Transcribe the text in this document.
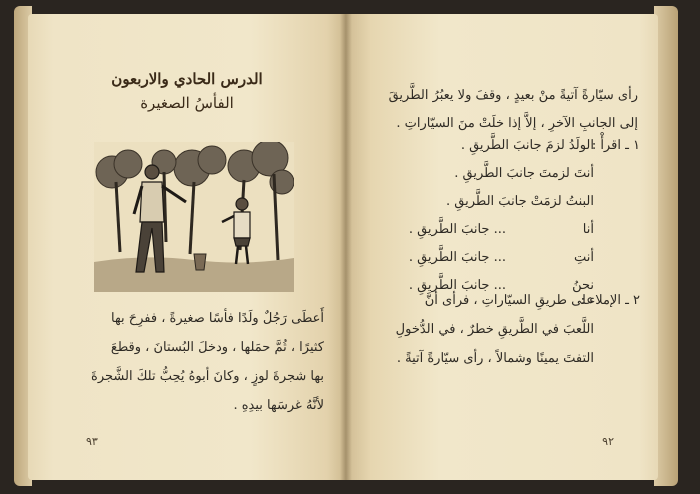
الدرس الحادي والاربعون
الفأسُ الصغيرة
أَعطَى رَجُلٌ ولَدًا فأسًا صغيرةً ، ففرِحَ بها
كثيرًا ، ثُمَّ حمَلها ، ودخلَ البُستانَ ، وقطعَ
بها شجرةَ لوزٍ ، وكانَ أبوهُ يُحِبُّ تلكَ الشَّجرةَ
لأنَّهُ غرسَها بيدِهِ .
٩٣
رأى سيّارةً آتيةً منْ بعيدٍ ، وقفَ ولا يعبُرُ الطَّريقَ
إلى الجانبِ الآخرِ ، إلاَّ إذا خلَتْ منَ السيّاراتِ .
١ ـ اقرأْ :
الولَدُ لزمَ جانبَ الطَّريقِ .
أنتَ لزمتَ جانبَ الطَّريقِ .
البنتُ لزمَتْ جانبَ الطَّريقِ .
أنا
... جانبَ الطَّريقِ .
أنتِ
... جانبَ الطَّريقِ .
نحنُ
... جانبَ الطَّريقِ .
٢ ـ الإملاء :
على طريقِ السيّاراتِ ، فرأى أنَّ
اللَّعبَ في الطَّريقِ خطرٌ ، في الدُّخولِ
التفتَ يمينًا وشمالاً ، رأى سيّارةً آتيةً .
٩٢
